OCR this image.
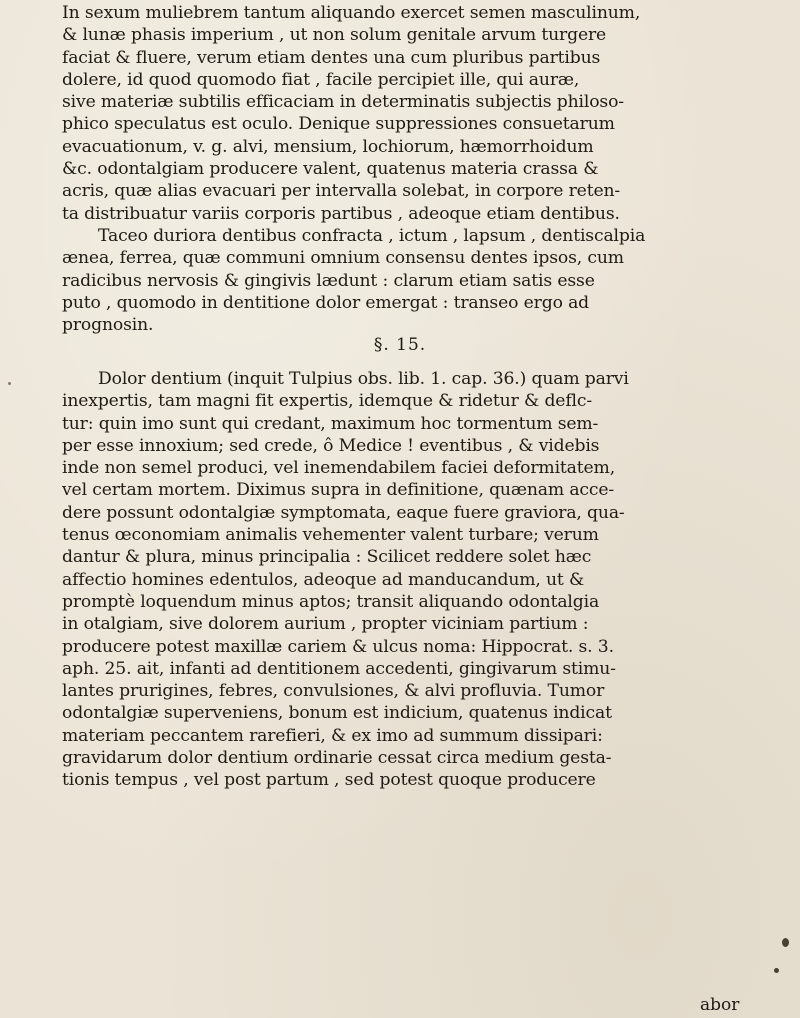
In sexum muliebrem tantum aliquando exercet semen masculinum,
& lunæ phasis imperium , ut non solum genitale arvum turgere
faciat & fluere, verum etiam dentes una cum pluribus partibus
dolere, id quod quomodo fiat , facile percipiet ille, qui auræ,
sive materiæ subtilis efficaciam in determinatis subjectis philoso-
phico speculatus est oculo. Denique suppressiones consuetarum
evacuationum, v. g. alvi, mensium, lochiorum, hæmorrhoidum
&c. odontalgiam producere valent, quatenus materia crassa &
acris, quæ alias evacuari per intervalla solebat, in corpore reten-
ta distribuatur variis corporis partibus , adeoque etiam dentibus.
Taceo duriora dentibus confracta , ictum , lapsum , dentiscalpia
ænea, ferrea, quæ communi omnium consensu dentes ipsos, cum
radicibus nervosis & gingivis lædunt : clarum etiam satis esse
puto , quomodo in dentitione dolor emergat : transeo ergo ad
prognosin.
§. 15.
Dolor dentium (inquit Tulpius obs. lib. 1. cap. 36.) quam parvi
inexpertis, tam magni fit expertis, idemque & ridetur & deflc-
tur: quin imo sunt qui credant, maximum hoc tormentum sem-
per esse innoxium; sed crede, ô Medice ! eventibus , & videbis
inde non semel produci, vel inemendabilem faciei deformitatem,
vel certam mortem. Diximus supra in definitione, quænam acce-
dere possunt odontalgiæ symptomata, eaque fuere graviora, qua-
tenus œconomiam animalis vehementer valent turbare; verum
dantur & plura, minus principalia : Scilicet reddere solet hæc
affectio homines edentulos, adeoque ad manducandum, ut &
promptè loquendum minus aptos; transit aliquando odontalgia
in otalgiam, sive dolorem aurium , propter viciniam partium :
producere potest maxillæ cariem & ulcus noma: Hippocrat. s. 3.
aph. 25. ait, infanti ad dentitionem accedenti, gingivarum stimu-
lantes prurigines, febres, convulsiones, & alvi profluvia. Tumor
odontalgiæ superveniens, bonum est indicium, quatenus indicat
materiam peccantem rarefieri, & ex imo ad summum dissipari:
gravidarum dolor dentium ordinarie cessat circa medium gesta-
tionis tempus , vel post partum , sed potest quoque producere
abor
